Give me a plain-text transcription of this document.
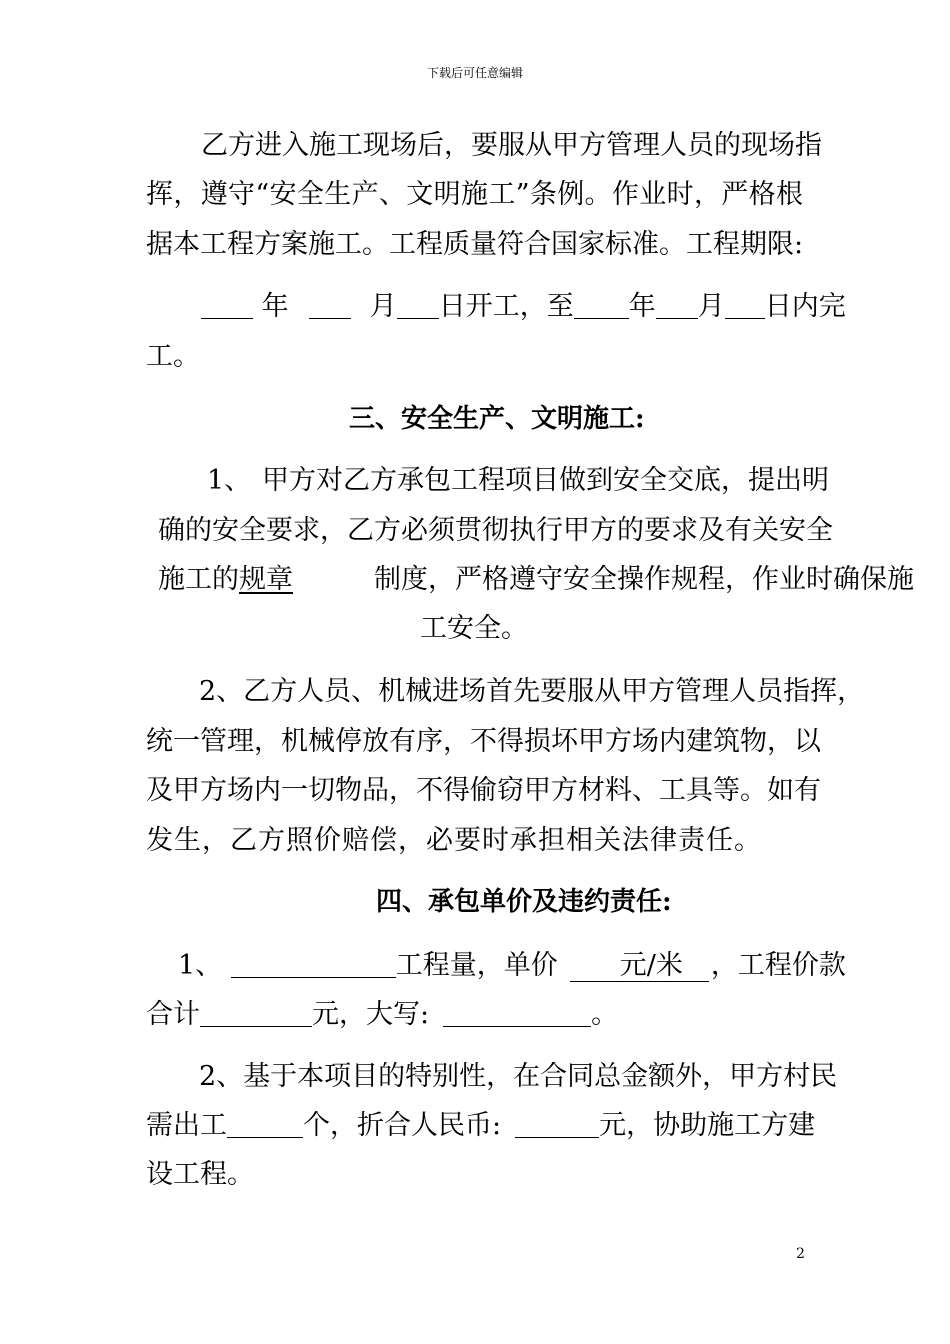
下载后可任意编辑
乙方进入施工现场后，要服从甲方管理人员的现场指
挥，遵守“安全生产、文明施工”条例。作业时，严格根
据本工程方案施工。工程质量符合国家标准。工程期限:
年	月 日开工，至 年 月 日内完
工。
三、安全生产、文明施工:
1、 甲方对乙方承包工程项目做到安全交底，提出明
确的安全要求，乙方必须贯彻执行甲方的要求及有关安全
施工的规章	制度，严格遵守安全操作规程，作业时确保施
工安全。
2、乙方人员、机械进场首先要服从甲方管理人员指挥，
统一管理，机械停放有序，不得损坏甲方场内建筑物，以
及甲方场内一切物品，不得偷窃甲方材料、工具等。如有
发生，乙方照价赔偿，必要时承担相关法律责任。
四、承包单价及违约责任:
1、	工程量，单价 元/米 ，工程价款
合计	元，大写:	。
2、基于本项目的特别性，在合同总金额外，甲方村民
需出工	个，折合人民币:	元，协助施工方建
设工程。
2
